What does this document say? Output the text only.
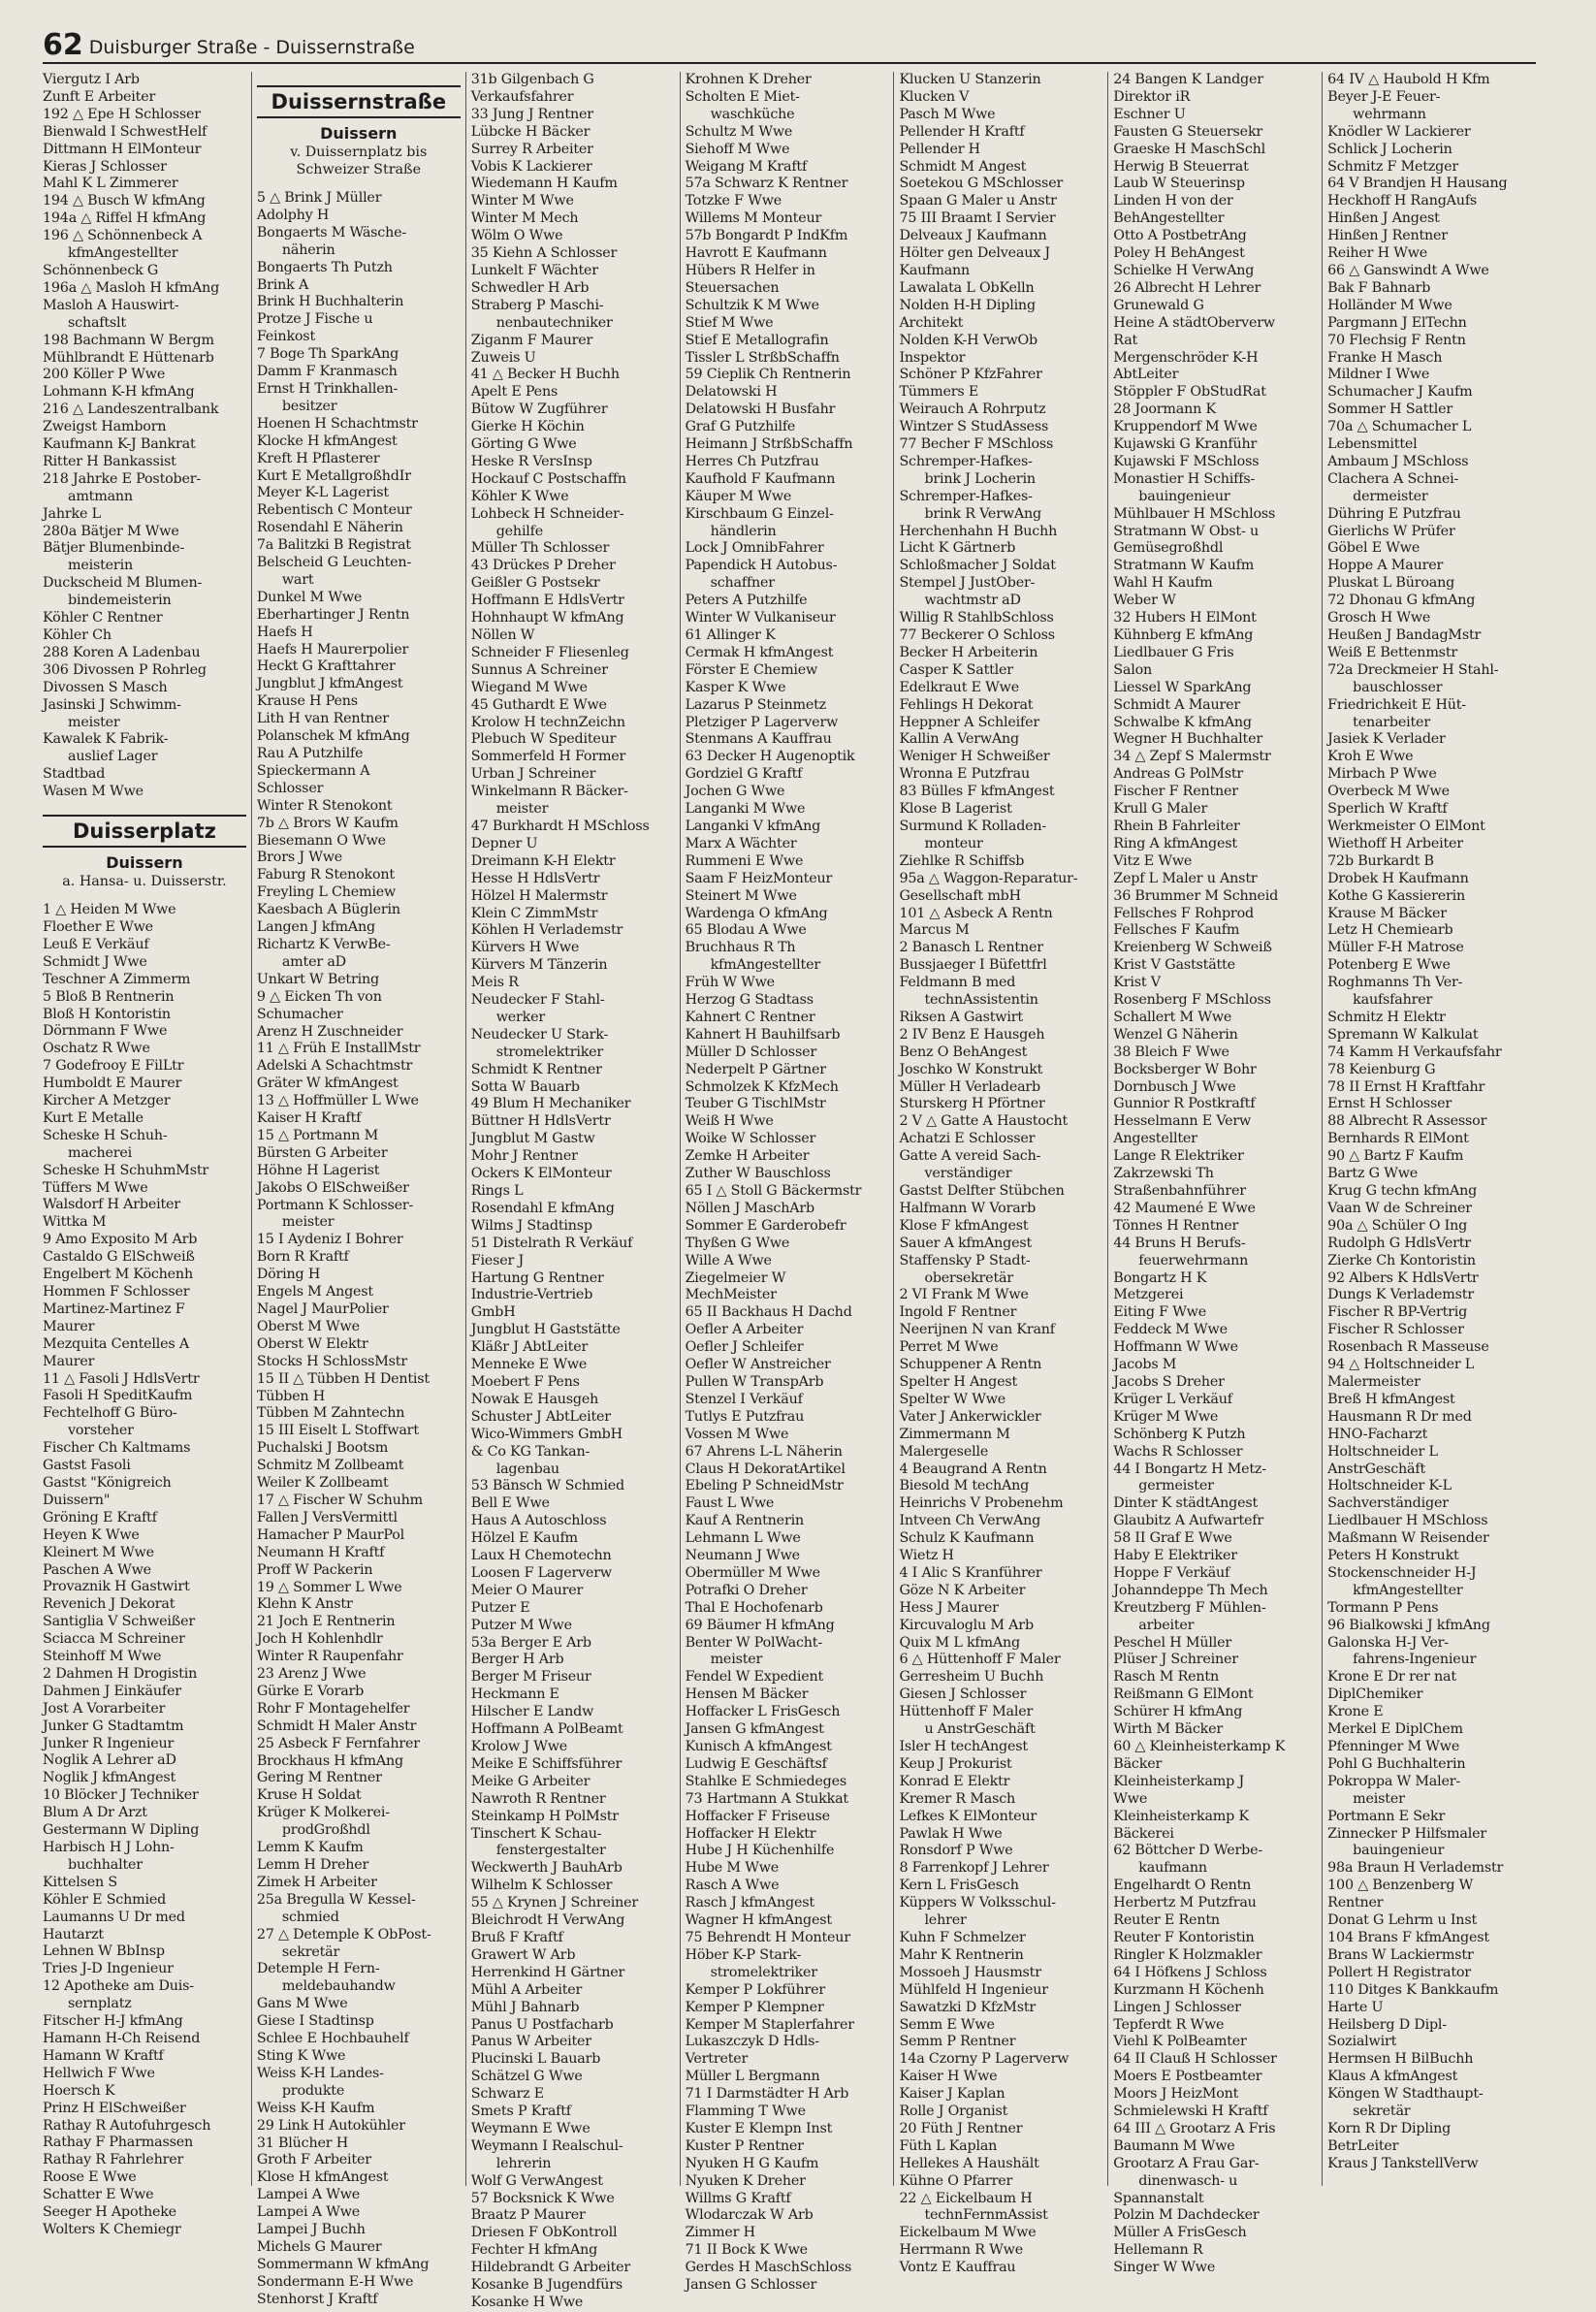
62 Duisburger Straße - Duissernstraße
Viergutz I Arb
Zunft E Arbeiter
192 △ Epe H Schlosser
Bienwald I SchwestHelf
Dittmann H ElMonteur
Kieras J Schlosser
Mahl K L Zimmerer
194 △ Busch W kfmAng
194a △ Riffel H kfmAng
196 △ Schönnenbeck A
kfmAngestellter
Schönnenbeck G
196a △ Masloh H kfmAng
Masloh A Hauswirt-
schaftslt
198 Bachmann W Bergm
Mühlbrandt E Hüttenarb
200 Köller P Wwe
Lohmann K-H kfmAng
216 △ Landeszentralbank
Zweigst Hamborn
Kaufmann K-J Bankrat
Ritter H Bankassist
218 Jahrke E Postober-
amtmann
Jahrke L
280a Bätjer M Wwe
Bätjer Blumenbinde-
meisterin
Duckscheid M Blumen-
bindemeisterin
Köhler C Rentner
Köhler Ch
288 Koren A Ladenbau
306 Divossen P Rohrleg
Divossen S Masch
Jasinski J Schwimm-
meister
Kawalek K Fabrik-
auslief Lager
Stadtbad
Wasen M Wwe
Duisserplatz
Duissern
a. Hansa- u. Duisserstr.
1 △ Heiden M Wwe
Floether E Wwe
Leuß E Verkäuf
Schmidt J Wwe
Teschner A Zimmerm
5 Bloß B Rentnerin
Bloß H Kontoristin
Dörnmann F Wwe
Oschatz R Wwe
7 Godefrooy E FilLtr
Humboldt E Maurer
Kircher A Metzger
Kurt E Metalle
Scheske H Schuh-
macherei
Scheske H SchuhmMstr
Tüffers M Wwe
Walsdorf H Arbeiter
Wittka M
9 Amo Exposito M Arb
Castaldo G ElSchweiß
Engelbert M Köchenh
Hommen F Schlosser
Martinez-Martinez F
Maurer
Mezquita Centelles A
Maurer
11 △ Fasoli J HdlsVertr
Fasoli H SpeditKaufm
Fechtelhoff G Büro-
vorsteher
Fischer Ch Kaltmams
Gastst Fasoli
Gastst "Königreich
Duissern"
Gröning E Kraftf
Heyen K Wwe
Kleinert M Wwe
Paschen A Wwe
Provaznik H Gastwirt
Revenich J Dekorat
Santiglia V Schweißer
Sciacca M Schreiner
Steinhoff M Wwe
2 Dahmen H Drogistin
Dahmen J Einkäufer
Jost A Vorarbeiter
Junker G Stadtamtm
Junker R Ingenieur
Noglik A Lehrer aD
Noglik J kfmAngest
10 Blöcker J Techniker
Blum A Dr Arzt
Gestermann W Dipling
Harbisch H J Lohn-
buchhalter
Kittelsen S
Köhler E Schmied
Laumanns U Dr med
Hautarzt
Lehnen W BbInsp
Tries J-D Ingenieur
12 Apotheke am Duis-
sernplatz
Fitscher H-J kfmAng
Hamann H-Ch Reisend
Hamann W Kraftf
Hellwich F Wwe
Hoersch K
Prinz H ElSchweißer
Rathay R Autofuhrgesch
Rathay F Pharmassen
Rathay R Fahrlehrer
Roose E Wwe
Schatter E Wwe
Seeger H Apotheke
Wolters K Chemiegr
Duissernstraße
Duissern
v. Duissernplatz bis Schweizer Straße
5 △ Brink J Müller
Adolphy H
Bongaerts M Wäsche-
näherin
Bongaerts Th Putzh
Brink A
Brink H Buchhalterin
Protze J Fische u
Feinkost
7 Boge Th SparkAng
Damm F Kranmasch
Ernst H Trinkhallen-
besitzer
Hoenen H Schachtmstr
Klocke H kfmAngest
Kreft H Pflasterer
Kurt E MetallgroßhdIr
Meyer K-L Lagerist
Rebentisch C Monteur
Rosendahl E Näherin
7a Balitzki B Registrat
Belscheid G Leuchten-
wart
Dunkel M Wwe
Eberhartinger J Rentn
Haefs H
Haefs H Maurerpolier
Heckt G Krafttahrer
Jungblut J kfmAngest
Krause H Pens
Lith H van Rentner
Polanschek M kfmAng
Rau A Putzhilfe
Spieckermann A
Schlosser
Winter R Stenokont
7b △ Brors W Kaufm
Biesemann O Wwe
Brors J Wwe
Faburg R Stenokont
Freyling L Chemiew
Kaesbach A Büglerin
Langen J kfmAng
Richartz K VerwBe-
amter aD
Unkart W Betring
9 △ Eicken Th von
Schumacher
Arenz H Zuschneider
11 △ Früh E InstallMstr
Adelski A Schachtmstr
Gräter W kfmAngest
13 △ Hoffmüller L Wwe
Kaiser H Kraftf
15 △ Portmann M
Bürsten G Arbeiter
Höhne H Lagerist
Jakobs O ElSchweißer
Portmann K Schlosser-
meister
15 I Aydeniz I Bohrer
Born R Kraftf
Döring H
Engels M Angest
Nagel J MaurPolier
Oberst M Wwe
Oberst W Elektr
Stocks H SchlossMstr
15 II △ Tübben H Dentist
Tübben H
Tübben M Zahntechn
15 III Eiselt L Stoffwart
Puchalski J Bootsm
Schmitz M Zollbeamt
Weiler K Zollbeamt
17 △ Fischer W Schuhm
Fallen J VersVermittl
Hamacher P MaurPol
Neumann H Kraftf
Proff W Packerin
19 △ Sommer L Wwe
Klehn K Anstr
21 Joch E Rentnerin
Joch H Kohlenhdlr
Winter R Raupenfahr
23 Arenz J Wwe
Gürke E Vorarb
Rohr F Montagehelfer
Schmidt H Maler Anstr
25 Asbeck F Fernfahrer
Brockhaus H kfmAng
Gering M Rentner
Kruse H Soldat
Krüger K Molkerei-
prodGroßhdl
Lemm K Kaufm
Lemm H Dreher
Zimek H Arbeiter
25a Bregulla W Kessel-
schmied
27 △ Detemple K ObPost-
sekretär
Detemple H Fern-
meldebauhandw
Gans M Wwe
Giese I Stadtinsp
Schlee E Hochbauhelf
Sting K Wwe
Weiss K-H Landes-
produkte
Weiss K-H Kaufm
29 Link H Autokühler
31 Blücher H
Groth F Arbeiter
Klose H kfmAngest
Lampei A Wwe
Lampei A Wwe
Lampei J Buchh
Michels G Maurer
Sommermann W kfmAng
Sondermann E-H Wwe
Stenhorst J Kraftf
31b Gilgenbach G
Verkaufsfahrer
33 Jung J Rentner
Lübcke H Bäcker
Surrey R Arbeiter
Vobis K Lackierer
Wiedemann H Kaufm
Winter M Wwe
Winter M Mech
Wölm O Wwe
35 Kiehn A Schlosser
Lunkelt F Wächter
Schwedler H Arb
Straberg P Maschi-
nenbautechniker
Ziganm F Maurer
Zuweis U
41 △ Becker H Buchh
Apelt E Pens
Bütow W Zugführer
Gierke H Köchin
Görting G Wwe
Heske R VersInsp
Hockauf C Postschaffn
Köhler K Wwe
Lohbeck H Schneider-
gehilfe
Müller Th Schlosser
43 Drückes P Dreher
Geißler G Postsekr
Hoffmann E HdlsVertr
Hohnhaupt W kfmAng
Nöllen W
Schneider F Fliesenleg
Sunnus A Schreiner
Wiegand M Wwe
45 Guthardt E Wwe
Krolow H technZeichn
Plebuch W Spediteur
Sommerfeld H Former
Urban J Schreiner
Winkelmann R Bäcker-
meister
47 Burkhardt H MSchloss
Depner U
Dreimann K-H Elektr
Hesse H HdlsVertr
Hölzel H Malermstr
Klein C ZimmMstr
Köhlen H Verlademstr
Kürvers H Wwe
Kürvers M Tänzerin
Meis R
Neudecker F Stahl-
werker
Neudecker U Stark-
stromelektriker
Schmidt K Rentner
Sotta W Bauarb
49 Blum H Mechaniker
Büttner H HdlsVertr
Jungblut M Gastw
Mohr J Rentner
Ockers K ElMonteur
Rings L
Rosendahl E kfmAng
Wilms J Stadtinsp
51 Distelrath R Verkäuf
Fieser J
Hartung G Rentner
Industrie-Vertrieb
GmbH
Jungblut H Gaststätte
Kläßr J AbtLeiter
Menneke E Wwe
Moebert F Pens
Nowak E Hausgeh
Schuster J AbtLeiter
Wico-Wimmers GmbH
& Co KG Tankan-
lagenbau
53 Bänsch W Schmied
Bell E Wwe
Haus A Autoschloss
Hölzel E Kaufm
Laux H Chemotechn
Loosen F Lagerverw
Meier O Maurer
Putzer E
Putzer M Wwe
53a Berger E Arb
Berger H Arb
Berger M Friseur
Heckmann E
Hilscher E Landw
Hoffmann A PolBeamt
Krolow J Wwe
Meike E Schiffsführer
Meike G Arbeiter
Nawroth R Rentner
Steinkamp H PolMstr
Tinschert K Schau-
fenstergestalter
Weckwerth J BauhArb
Wilhelm K Schlosser
55 △ Krynen J Schreiner
Bleichrodt H VerwAng
Bruß F Kraftf
Grawert W Arb
Herrenkind H Gärtner
Mühl A Arbeiter
Mühl J Bahnarb
Panus U Postfacharb
Panus W Arbeiter
Plucinski L Bauarb
Schätzel G Wwe
Schwarz E
Smets P Kraftf
Weymann E Wwe
Weymann I Realschul-
lehrerin
Wolf G VerwAngest
57 Bocksnick K Wwe
Braatz P Maurer
Driesen F ObKontroll
Fechter H kfmAng
Hildebrandt G Arbeiter
Kosanke B Jugendfürs
Kosanke H Wwe
Krohnen K Dreher
Scholten E Miet-
waschküche
Schultz M Wwe
Siehoff M Wwe
Weigang M Kraftf
57a Schwarz K Rentner
Totzke F Wwe
Willems M Monteur
57b Bongardt P IndKfm
Havrott E Kaufmann
Hübers R Helfer in
Steuersachen
Schultzik K M Wwe
Stief M Wwe
Stief E Metallografin
Tissler L StrßbSchaffn
59 Cieplik Ch Rentnerin
Delatowski H
Delatowski H Busfahr
Graf G Putzhilfe
Heimann J StrßbSchaffn
Herres Ch Putzfrau
Kaufhold F Kaufmann
Käuper M Wwe
Kirschbaum G Einzel-
händlerin
Lock J OmnibFahrer
Papendick H Autobus-
schaffner
Peters A Putzhilfe
Winter W Vulkaniseur
61 Allinger K
Cermak H kfmAngest
Förster E Chemiew
Kasper K Wwe
Lazarus P Steinmetz
Pletziger P Lagerverw
Stenmans A Kauffrau
63 Decker H Augenoptik
Gordziel G Kraftf
Jochen G Wwe
Langanki M Wwe
Langanki V kfmAng
Marx A Wächter
Rummeni E Wwe
Saam F HeizMonteur
Steinert M Wwe
Wardenga O kfmAng
65 Blodau A Wwe
Bruchhaus R Th
kfmAngestellter
Früh W Wwe
Herzog G Stadtass
Kahnert C Rentner
Kahnert H Bauhilfsarb
Müller D Schlosser
Nederpelt P Gärtner
Schmolzek K KfzMech
Teuber G TischlMstr
Weiß H Wwe
Woike W Schlosser
Zemke H Arbeiter
Zuther W Bauschloss
65 I △ Stoll G Bäckermstr
Nöllen J MaschArb
Sommer E Garderobefr
Thyßen G Wwe
Wille A Wwe
Ziegelmeier W
MechMeister
65 II Backhaus H Dachd
Oefler A Arbeiter
Oefler J Schleifer
Oefler W Anstreicher
Pullen W TranspArb
Stenzel I Verkäuf
Tutlys E Putzfrau
Vossen M Wwe
67 Ahrens L-L Näherin
Claus H DekoratArtikel
Ebeling P SchneidMstr
Faust L Wwe
Kauf A Rentnerin
Lehmann L Wwe
Neumann J Wwe
Obermüller M Wwe
Potrafki O Dreher
Thal E Hochofenarb
69 Bäumer H kfmAng
Benter W PolWacht-
meister
Fendel W Expedient
Hensen M Bäcker
Hoffacker L FrisGesch
Jansen G kfmAngest
Kunisch A kfmAngest
Ludwig E Geschäftsf
Stahlke E Schmiedeges
73 Hartmann A Stukkat
Hoffacker F Friseuse
Hoffacker H Elektr
Hube J H Küchenhilfe
Hube M Wwe
Rasch A Wwe
Rasch J kfmAngest
Wagner H kfmAngest
75 Behrendt H Monteur
Höber K-P Stark-
stromelektriker
Kemper P Lokführer
Kemper P Klempner
Kemper M Staplerfahrer
Lukaszczyk D Hdls-
Vertreter
Müller L Bergmann
71 I Darmstädter H Arb
Flamming T Wwe
Kuster E Klempn Inst
Kuster P Rentner
Nyuken H G Kaufm
Nyuken K Dreher
Willms G Kraftf
Wlodarczak W Arb
Zimmer H
71 II Bock K Wwe
Gerdes H MaschSchloss
Jansen G Schlosser
Klucken U Stanzerin
Klucken V
Pasch M Wwe
Pellender H Kraftf
Pellender H
Schmidt M Angest
Soetekou G MSchlosser
Spaan G Maler u Anstr
75 III Braamt I Servier
Delveaux J Kaufmann
Hölter gen Delveaux J
Kaufmann
Lawalata L ObKelln
Nolden H-H Dipling
Architekt
Nolden K-H VerwOb
Inspektor
Schöner P KfzFahrer
Tümmers E
Weirauch A Rohrputz
Wintzer S StudAssess
77 Becher F MSchloss
Schremper-Hafkes-
brink J Locherin
Schremper-Hafkes-
brink R VerwAng
Herchenhahn H Buchh
Licht K Gärtnerb
Schloßmacher J Soldat
Stempel J JustOber-
wachtmstr aD
Willig R StahlbSchloss
77 Beckerer O Schloss
Becker H Arbeiterin
Casper K Sattler
Edelkraut E Wwe
Fehlings H Dekorat
Heppner A Schleifer
Kallin A VerwAng
Weniger H Schweißer
Wronna E Putzfrau
83 Bülles F kfmAngest
Klose B Lagerist
Surmund K Rolladen-
monteur
Ziehlke R Schiffsb
95a △ Waggon-Reparatur-
Gesellschaft mbH
101 △ Asbeck A Rentn
Marcus M
2 Banasch L Rentner
Bussjaeger I Büfettfrl
Feldmann B med
technAssistentin
Riksen A Gastwirt
2 IV Benz E Hausgeh
Benz O BehAngest
Joschko W Konstrukt
Müller H Verladearb
Sturskerg H Pförtner
2 V △ Gatte A Haustocht
Achatzi E Schlosser
Gatte A vereid Sach-
verständiger
Gastst Delfter Stübchen
Halfmann W Vorarb
Klose F kfmAngest
Sauer A kfmAngest
Staffensky P Stadt-
obersekretär
2 VI Frank M Wwe
Ingold F Rentner
Neerijnen N van Kranf
Perret M Wwe
Schuppener A Rentn
Spelter H Angest
Spelter W Wwe
Vater J Ankerwickler
Zimmermann M
Malergeselle
4 Beaugrand A Rentn
Biesold M techAng
Heinrichs V Probenehm
Intveen Ch VerwAng
Schulz K Kaufmann
Wietz H
4 I Alic S Kranführer
Göze N K Arbeiter
Hess J Maurer
Kircuvaloglu M Arb
Quix M L kfmAng
6 △ Hüttenhoff F Maler
Gerresheim U Buchh
Giesen J Schlosser
Hüttenhoff F Maler
u AnstrGeschäft
Isler H techAngest
Keup J Prokurist
Konrad E Elektr
Kremer R Masch
Lefkes K ElMonteur
Pawlak H Wwe
Ronsdorf P Wwe
8 Farrenkopf J Lehrer
Kern L FrisGesch
Küppers W Volksschul-
lehrer
Kuhn F Schmelzer
Mahr K Rentnerin
Mossoeh J Hausmstr
Mühlfeld H Ingenieur
Sawatzki D KfzMstr
Semm E Wwe
Semm P Rentner
14a Czorny P Lagerverw
Kaiser H Wwe
Kaiser J Kaplan
Rolle J Organist
20 Füth J Rentner
Füth L Kaplan
Hellekes A Haushält
Kühne O Pfarrer
22 △ Eickelbaum H
technFernmAssist
Eickelbaum M Wwe
Herrmann R Wwe
Vontz E Kauffrau
24 Bangen K Landger
Direktor iR
Eschner U
Fausten G Steuersekr
Graeske H MaschSchl
Herwig B Steuerrat
Laub W Steuerinsp
Linden H von der
BehAngestellter
Otto A PostbetrAng
Poley H BehAngest
Schielke H VerwAng
26 Albrecht H Lehrer
Grunewald G
Heine A städtOberverw
Rat
Mergenschröder K-H
AbtLeiter
Stöppler F ObStudRat
28 Joormann K
Kruppendorf M Wwe
Kujawski G Kranführ
Kujawski F MSchloss
Monastier H Schiffs-
bauingenieur
Mühlbauer H MSchloss
Stratmann W Obst- u
Gemüsegroßhdl
Stratmann W Kaufm
Wahl H Kaufm
Weber W
32 Hubers H ElMont
Kühnberg E kfmAng
Liedlbauer G Fris
Salon
Liessel W SparkAng
Schmidt A Maurer
Schwalbe K kfmAng
Wegner H Buchhalter
34 △ Zepf S Malermstr
Andreas G PolMstr
Fischer F Rentner
Krull G Maler
Rhein B Fahrleiter
Ring A kfmAngest
Vitz E Wwe
Zepf L Maler u Anstr
36 Brummer M Schneid
Fellsches F Rohprod
Fellsches F Kaufm
Kreienberg W Schweiß
Krist V Gaststätte
Krist V
Rosenberg F MSchloss
Schallert M Wwe
Wenzel G Näherin
38 Bleich F Wwe
Bocksberger W Bohr
Dornbusch J Wwe
Gunnior R Postkraftf
Hesselmann E Verw
Angestellter
Lange R Elektriker
Zakrzewski Th
Straßenbahnführer
42 Maumené E Wwe
Tönnes H Rentner
44 Bruns H Berufs-
feuerwehrmann
Bongartz H K
Metzgerei
Eiting F Wwe
Feddeck M Wwe
Hoffmann W Wwe
Jacobs M
Jacobs S Dreher
Krüger L Verkäuf
Krüger M Wwe
Schönberg K Putzh
Wachs R Schlosser
44 I Bongartz H Metz-
germeister
Dinter K städtAngest
Glaubitz A Aufwartefr
58 II Graf E Wwe
Haby E Elektriker
Hoppe F Verkäuf
Johanndeppe Th Mech
Kreutzberg F Mühlen-
arbeiter
Peschel H Müller
Plüser J Schreiner
Rasch M Rentn
Reißmann G ElMont
Schürer H kfmAng
Wirth M Bäcker
60 △ Kleinheisterkamp K
Bäcker
Kleinheisterkamp J
Wwe
Kleinheisterkamp K
Bäckerei
62 Böttcher D Werbe-
kaufmann
Engelhardt O Rentn
Herbertz M Putzfrau
Reuter E Rentn
Reuter F Kontoristin
Ringler K Holzmakler
64 I Höfkens J Schloss
Kurzmann H Köchenh
Lingen J Schlosser
Tepferdt R Wwe
Viehl K PolBeamter
64 II Clauß H Schlosser
Moers E Postbeamter
Moors J HeizMont
Schmielewski H Kraftf
64 III △ Grootarz A Fris
Baumann M Wwe
Grootarz A Frau Gar-
dinenwasch- u
Spannanstalt
Polzin M Dachdecker
Müller A FrisGesch
Hellemann R
Singer W Wwe
64 IV △ Haubold H Kfm
Beyer J-E Feuer-
wehrmann
Knödler W Lackierer
Schlick J Locherin
Schmitz F Metzger
64 V Brandjen H Hausang
Heckhoff H RangAufs
Hinßen J Angest
Hinßen J Rentner
Reiher H Wwe
66 △ Ganswindt A Wwe
Bak F Bahnarb
Holländer M Wwe
Pargmann J ElTechn
70 Flechsig F Rentn
Franke H Masch
Mildner I Wwe
Schumacher J Kaufm
Sommer H Sattler
70a △ Schumacher L
Lebensmittel
Ambaum J MSchloss
Clachera A Schnei-
dermeister
Dühring E Putzfrau
Gierlichs W Prüfer
Göbel E Wwe
Hoppe A Maurer
Pluskat L Büroang
72 Dhonau G kfmAng
Grosch H Wwe
Heußen J BandagMstr
Weiß E Bettenmstr
72a Dreckmeier H Stahl-
bauschlosser
Friedrichkeit E Hüt-
tenarbeiter
Jasiek K Verlader
Kroh E Wwe
Mirbach P Wwe
Overbeck M Wwe
Sperlich W Kraftf
Werkmeister O ElMont
Wiethoff H Arbeiter
72b Burkardt B
Drobek H Kaufmann
Kothe G Kassiererin
Krause M Bäcker
Letz H Chemiearb
Müller F-H Matrose
Potenberg E Wwe
Roghmanns Th Ver-
kaufsfahrer
Schmitz H Elektr
Spremann W Kalkulat
74 Kamm H Verkaufsfahr
78 Keienburg G
78 II Ernst H Kraftfahr
Ernst H Schlosser
88 Albrecht R Assessor
Bernhards R ElMont
90 △ Bartz F Kaufm
Bartz G Wwe
Krug G techn kfmAng
Vaan W de Schreiner
90a △ Schüler O Ing
Rudolph G HdlsVertr
Zierke Ch Kontoristin
92 Albers K HdlsVertr
Dungs K Verlademstr
Fischer R BP-Vertrig
Fischer R Schlosser
Rosenbach R Masseuse
94 △ Holtschneider L
Malermeister
Breß H kfmAngest
Hausmann R Dr med
HNO-Facharzt
Holtschneider L
AnstrGeschäft
Holtschneider K-L
Sachverständiger
Liedlbauer H MSchloss
Maßmann W Reisender
Peters H Konstrukt
Stockenschneider H-J
kfmAngestellter
Tormann P Pens
96 Bialkowski J kfmAng
Galonska H-J Ver-
fahrens-Ingenieur
Krone E Dr rer nat
DiplChemiker
Krone E
Merkel E DiplChem
Pfenninger M Wwe
Pohl G Buchhalterin
Pokroppa W Maler-
meister
Portmann E Sekr
Zinnecker P Hilfsmaler
bauingenieur
98a Braun H Verlademstr
100 △ Benzenberg W
Rentner
Donat G Lehrm u Inst
104 Brans F kfmAngest
Brans W Lackiermstr
Pollert H Registrator
110 Ditges K Bankkaufm
Harte U
Heilsberg D Dipl-
Sozialwirt
Hermsen H BilBuchh
Klaus A kfmAngest
Köngen W Stadthaupt-
sekretär
Korn R Dr Dipling
BetrLeiter
Kraus J TankstellVerw
